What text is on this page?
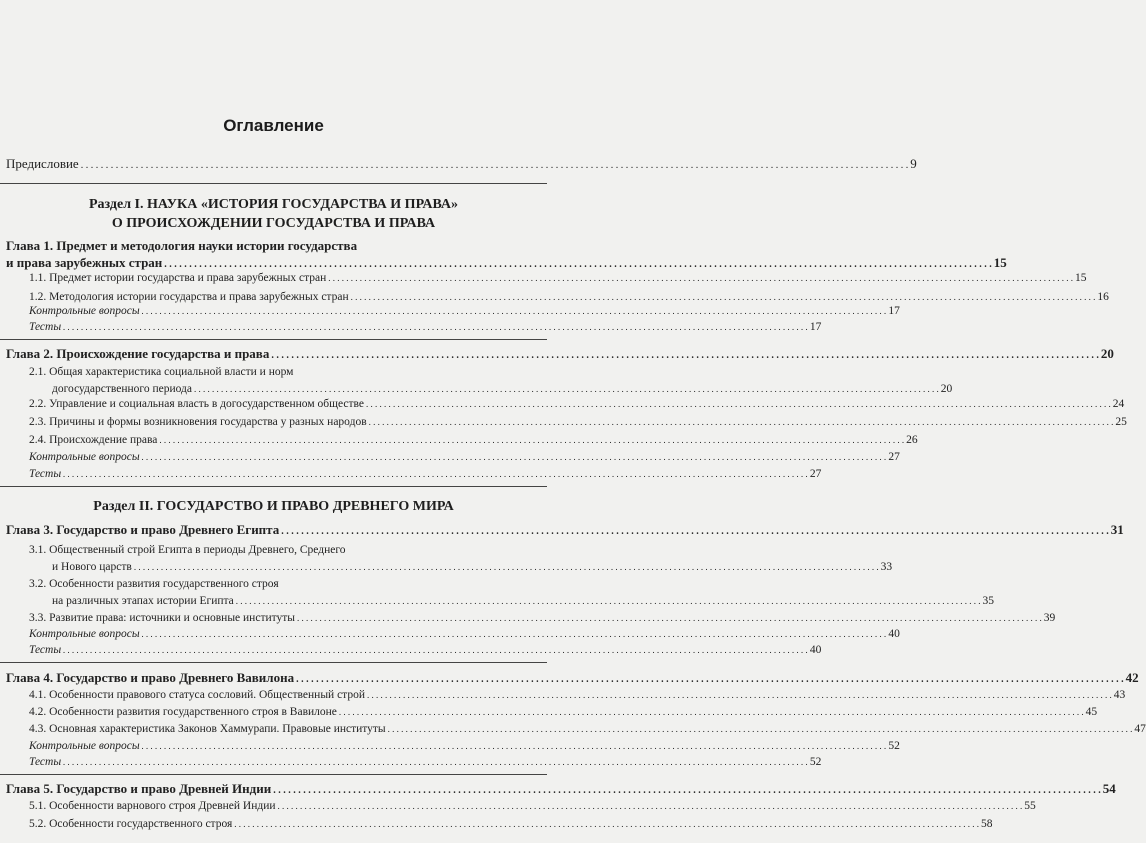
Оглавление
Предисловие . . .	9
Раздел I. НАУКА «ИСТОРИЯ ГОСУДАРСТВА И ПРАВА»
О ПРОИСХОЖДЕНИИ ГОСУДАРСТВА И ПРАВА
Глава 1. Предмет и методология науки истории государства
и права зарубежных стран . . .	15
1.1. Предмет истории государства и права зарубежных стран . . .	15
1.2. Методология истории государства и права зарубежных стран . . .	16
Контрольные вопросы . . .	17
Тесты . . .	17
Глава 2. Происхождение государства и права . . .	20
2.1. Общая характеристика социальной власти и норм
догосударственного периода . . .	20
2.2. Управление и социальная власть в догосударственном обществе . . .	24
2.3. Причины и формы возникновения государства у разных народов . . .	25
2.4. Происхождение права . . .	26
Контрольные вопросы . . .	27
Тесты . . .	27
Раздел II. ГОСУДАРСТВО И ПРАВО ДРЕВНЕГО МИРА
Глава 3. Государство и право Древнего Египта . . .	31
3.1. Общественный строй Египта в периоды Древнего, Среднего
и Нового царств . . .	33
3.2. Особенности развития государственного строя
на различных этапах истории Египта . . .	35
3.3. Развитие права: источники и основные институты . . .	39
Контрольные вопросы . . .	40
Тесты . . .	40
Глава 4. Государство и право Древнего Вавилона . . .	42
4.1. Особенности правового статуса сословий. Общественный строй . . .	43
4.2. Особенности развития государственного строя в Вавилоне . . .	45
4.3. Основная характеристика Законов Хаммурапи. Правовые институты . . .	47
Контрольные вопросы . . .	52
Тесты . . .	52
Глава 5. Государство и право Древней Индии . . .	54
5.1. Особенности варнового строя Древней Индии . . .	55
5.2. Особенности государственного строя . . .	58
